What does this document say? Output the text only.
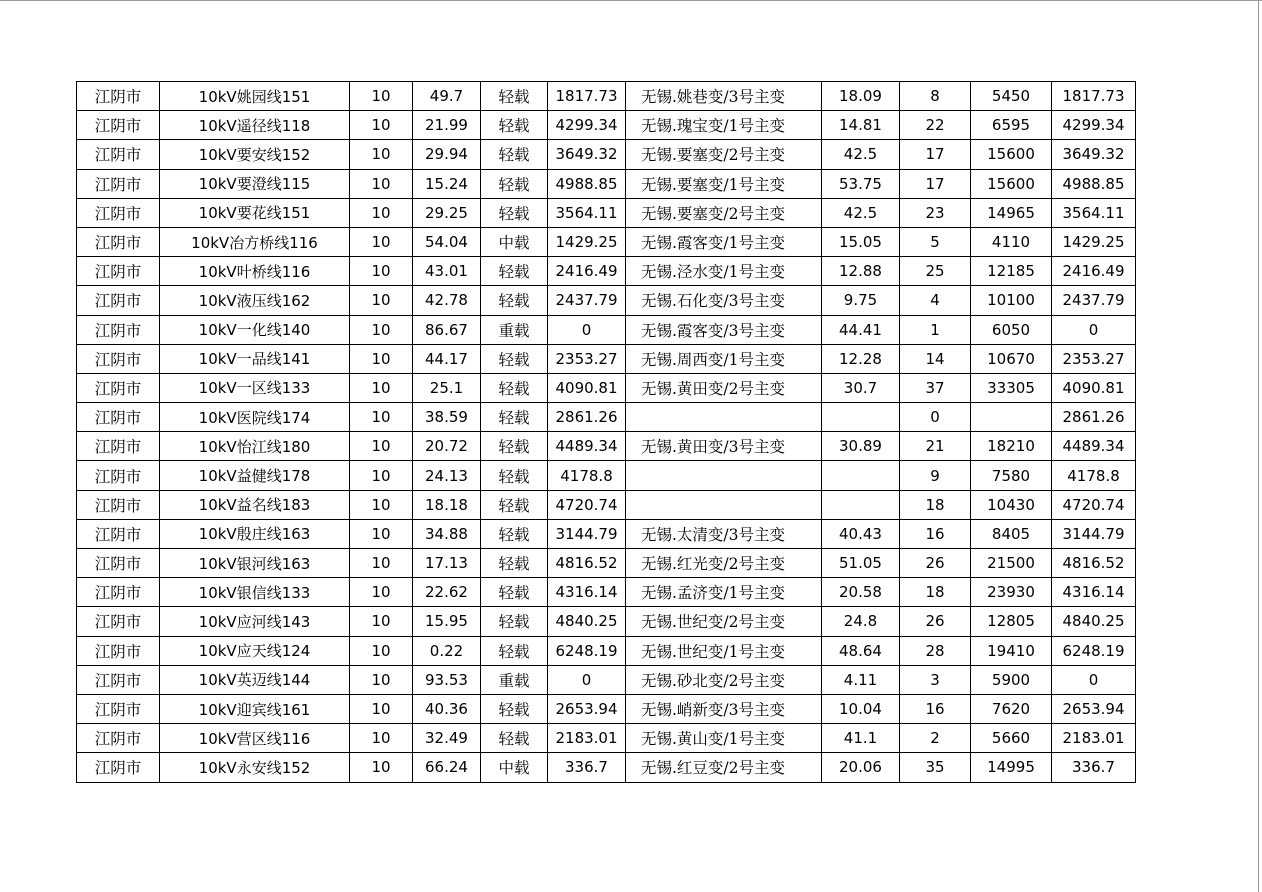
江阴市	10kV姚园线151	10	49.7	轻载	1817.73	无锡.姚巷变/3号主变	18.09	8	5450	1817.73
江阴市	10kV遥径线118	10	21.99	轻载	4299.34	无锡.瑰宝变/1号主变	14.81	22	6595	4299.34
江阴市	10kV要安线152	10	29.94	轻载	3649.32	无锡.要塞变/2号主变	42.5	17	15600	3649.32
江阴市	10kV要澄线115	10	15.24	轻载	4988.85	无锡.要塞变/1号主变	53.75	17	15600	4988.85
江阴市	10kV要花线151	10	29.25	轻载	3564.11	无锡.要塞变/2号主变	42.5	23	14965	3564.11
江阴市	10kV冶方桥线116	10	54.04	中载	1429.25	无锡.霞客变/1号主变	15.05	5	4110	1429.25
江阴市	10kV叶桥线116	10	43.01	轻载	2416.49	无锡.泾水变/1号主变	12.88	25	12185	2416.49
江阴市	10kV液压线162	10	42.78	轻载	2437.79	无锡.石化变/3号主变	9.75	4	10100	2437.79
江阴市	10kV一化线140	10	86.67	重载	0	无锡.霞客变/3号主变	44.41	1	6050	0
江阴市	10kV一品线141	10	44.17	轻载	2353.27	无锡.周西变/1号主变	12.28	14	10670	2353.27
江阴市	10kV一区线133	10	25.1	轻载	4090.81	无锡.黄田变/2号主变	30.7	37	33305	4090.81
江阴市	10kV医院线174	10	38.59	轻载	2861.26			0		2861.26
江阴市	10kV怡江线180	10	20.72	轻载	4489.34	无锡.黄田变/3号主变	30.89	21	18210	4489.34
江阴市	10kV益健线178	10	24.13	轻载	4178.8			9	7580	4178.8
江阴市	10kV益名线183	10	18.18	轻载	4720.74			18	10430	4720.74
江阴市	10kV殷庄线163	10	34.88	轻载	3144.79	无锡.太清变/3号主变	40.43	16	8405	3144.79
江阴市	10kV银河线163	10	17.13	轻载	4816.52	无锡.红光变/2号主变	51.05	26	21500	4816.52
江阴市	10kV银信线133	10	22.62	轻载	4316.14	无锡.孟济变/1号主变	20.58	18	23930	4316.14
江阴市	10kV应河线143	10	15.95	轻载	4840.25	无锡.世纪变/2号主变	24.8	26	12805	4840.25
江阴市	10kV应天线124	10	0.22	轻载	6248.19	无锡.世纪变/1号主变	48.64	28	19410	6248.19
江阴市	10kV英迈线144	10	93.53	重载	0	无锡.砂北变/2号主变	4.11	3	5900	0
江阴市	10kV迎宾线161	10	40.36	轻载	2653.94	无锡.峭新变/3号主变	10.04	16	7620	2653.94
江阴市	10kV营区线116	10	32.49	轻载	2183.01	无锡.黄山变/1号主变	41.1	2	5660	2183.01
江阴市	10kV永安线152	10	66.24	中载	336.7	无锡.红豆变/2号主变	20.06	35	14995	336.7
